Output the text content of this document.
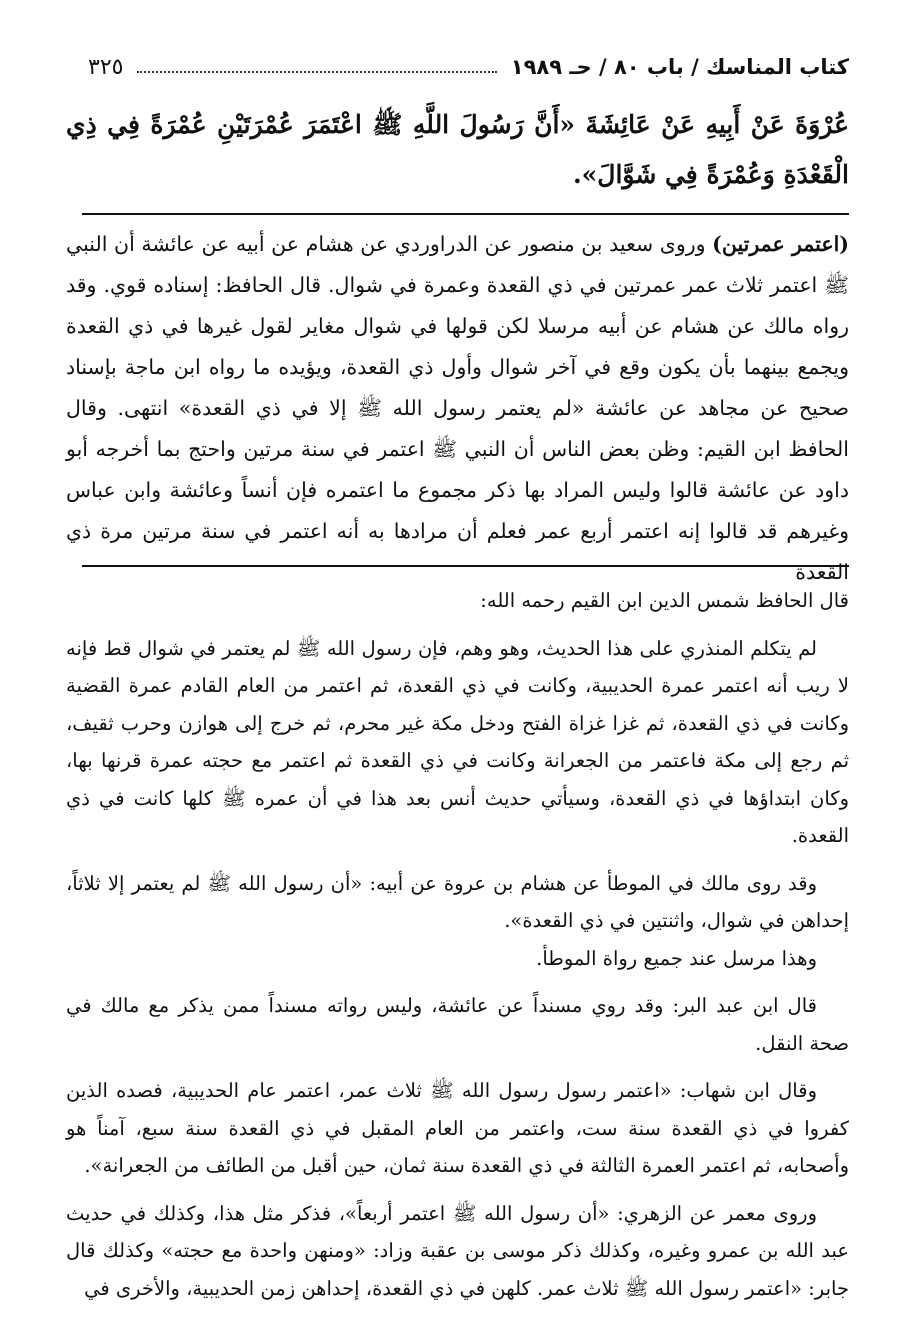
كتاب المناسك / باب ٨٠ / حـ ١٩٨٩
٣٢٥
عُرْوَةَ عَنْ أَبِيهِ عَنْ عَائِشَةَ «أَنَّ رَسُولَ اللَّهِ ﷺ اعْتَمَرَ عُمْرَتَيْنِ عُمْرَةً فِي ذِي الْقَعْدَةِ وَعُمْرَةً فِي شَوَّالَ».
(اعتمر عمرتين) وروى سعيد بن منصور عن الدراوردي عن هشام عن أبيه عن عائشة أن النبي ﷺ اعتمر ثلاث عمر عمرتين في ذي القعدة وعمرة في شوال. قال الحافظ: إسناده قوي. وقد رواه مالك عن هشام عن أبيه مرسلا لكن قولها في شوال مغاير لقول غيرها في ذي القعدة ويجمع بينهما بأن يكون وقع في آخر شوال وأول ذي القعدة، ويؤيده ما رواه ابن ماجة بإسناد صحيح عن مجاهد عن عائشة «لم يعتمر رسول الله ﷺ إلا في ذي القعدة» انتهى. وقال الحافظ ابن القيم: وظن بعض الناس أن النبي ﷺ اعتمر في سنة مرتين واحتج بما أخرجه أبو داود عن عائشة قالوا وليس المراد بها ذكر مجموع ما اعتمره فإن أنساً وعائشة وابن عباس وغيرهم قد قالوا إنه اعتمر أربع عمر فعلم أن مرادها به أنه اعتمر في سنة مرتين مرة ذي القعدة

قال الحافظ شمس الدين ابن القيم رحمه الله:

لم يتكلم المنذري على هذا الحديث، وهو وهم، فإن رسول الله ﷺ لم يعتمر في شوال قط فإنه لا ريب أنه اعتمر عمرة الحديبية، وكانت في ذي القعدة، ثم اعتمر من العام القادم عمرة القضية وكانت في ذي القعدة، ثم غزا غزاة الفتح ودخل مكة غير محرم، ثم خرج إلى هوازن وحرب ثقيف، ثم رجع إلى مكة فاعتمر من الجعرانة وكانت في ذي القعدة ثم اعتمر مع حجته عمرة قرنها بها، وكان ابتداؤها في ذي القعدة، وسيأتي حديث أنس بعد هذا في أن عمره ﷺ كلها كانت في ذي القعدة.

وقد روى مالك في الموطأ عن هشام بن عروة عن أبيه: «أن رسول الله ﷺ لم يعتمر إلا ثلاثاً، إحداهن في شوال، واثنتين في ذي القعدة».

وهذا مرسل عند جميع رواة الموطأ.

قال ابن عبد البر: وقد روي مسنداً عن عائشة، وليس رواته مسنداً ممن يذكر مع مالك في صحة النقل.

وقال ابن شهاب: «اعتمر رسول رسول الله ﷺ ثلاث عمر، اعتمر عام الحديبية، فصده الذين كفروا في ذي القعدة سنة ست، واعتمر من العام المقبل في ذي القعدة سنة سبع، آمناً هو وأصحابه، ثم اعتمر العمرة الثالثة في ذي القعدة سنة ثمان، حين أقبل من الطائف من الجعرانة».

وروى معمر عن الزهري: «أن رسول الله ﷺ اعتمر أربعاً»، فذكر مثل هذا، وكذلك في حديث عبد الله بن عمرو وغيره، وكذلك ذكر موسى بن عقبة وزاد: «ومنهن واحدة مع حجته» وكذلك قال جابر: «اعتمر رسول الله ﷺ ثلاث عمر. كلهن في ذي القعدة، إحداهن زمن الحديبية، والأخرى في
